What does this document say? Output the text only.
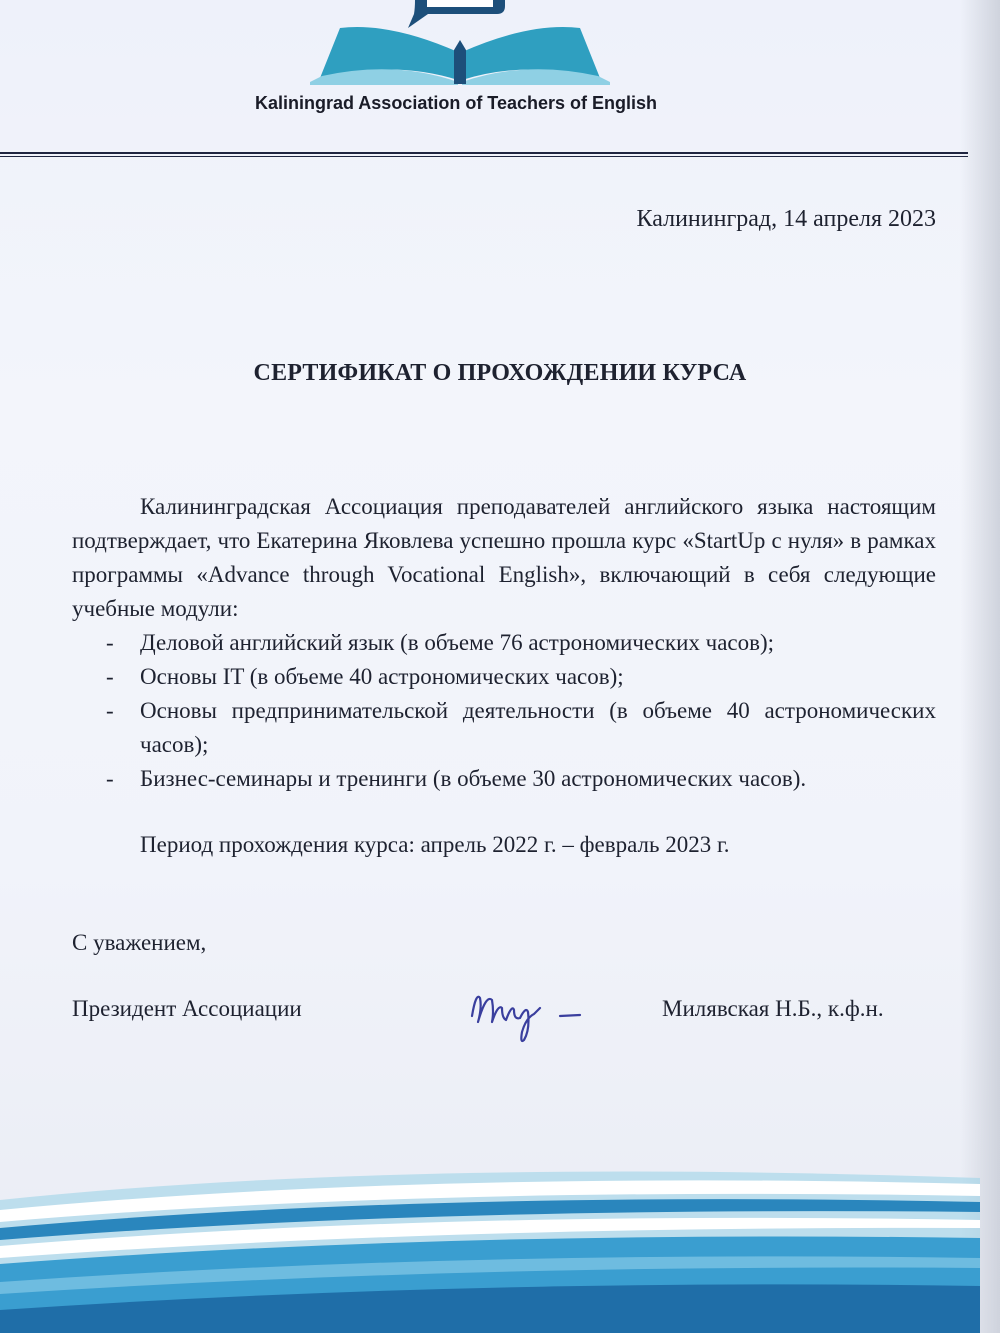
Kaliningrad Association of Teachers of English
Калининград, 14 апреля 2023
СЕРТИФИКАТ О ПРОХОЖДЕНИИ КУРСА

Калининградская Ассоциация преподавателей английского языка настоящим подтверждает, что Екатерина Яковлева успешно прошла курс «StartUp с нуля» в рамках программы «Advance through Vocational English», включающий в себя следующие учебные модули:

- Деловой английский язык (в объеме 76 астрономических часов);
- Основы IT (в объеме 40 астрономических часов);
- Основы предпринимательской деятельности (в объеме 40 астрономических часов);
- Бизнес-семинары и тренинги (в объеме 30 астрономических часов).

Период прохождения курса: апрель 2022 г. – февраль 2023 г.

С уважением,
Президент Ассоциации	Милявская Н.Б., к.ф.н.
